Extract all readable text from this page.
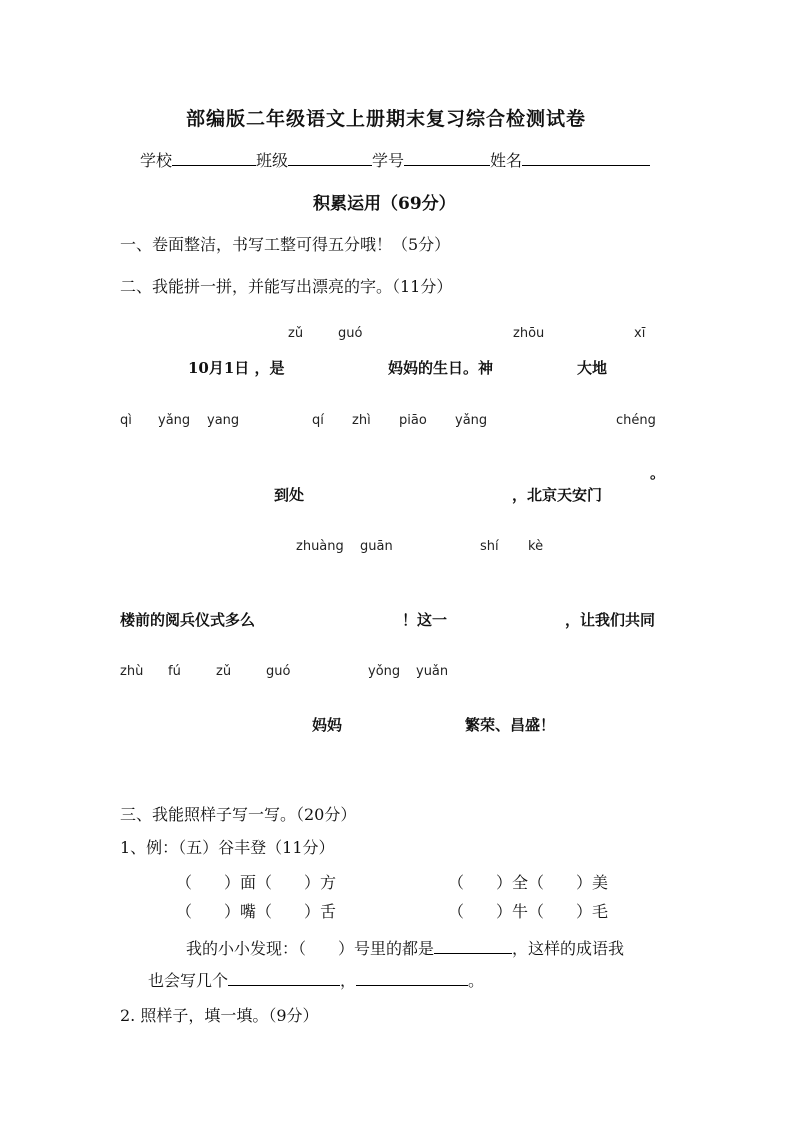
部编版二年级语文上册期末复习综合检测试卷
学校	班级	学号	姓名
积累运用（69分）
一、卷面整洁，书写工整可得五分哦！（5分）
二、我能拼一拼，并能写出漂亮的字。（11分）
zǔ	guó	zhōu	xī
10月1日 ，是	妈妈的生日。神	大地
qì yǎng yang	qí zhì piāo yǎng	chéng
。
到处	，北京天安门
zhuàng guān	shí kè
楼前的阅兵仪式多么	！这一	，让我们共同
zhù fú	zǔ	guó	yǒng yuǎn
妈妈	繁荣、昌盛！
三、我能照样子写一写。（20分）
1、例：（五）谷丰登（11分）
（　　）面（　　）方	（　　）全（　　）美
（　　）嘴（　　）舌	（　　）牛（　　）毛
我的小小发现：（　　）号里的都是	，这样的成语我
也会写几个	，	。
2. 照样子，填一填。（9分）
